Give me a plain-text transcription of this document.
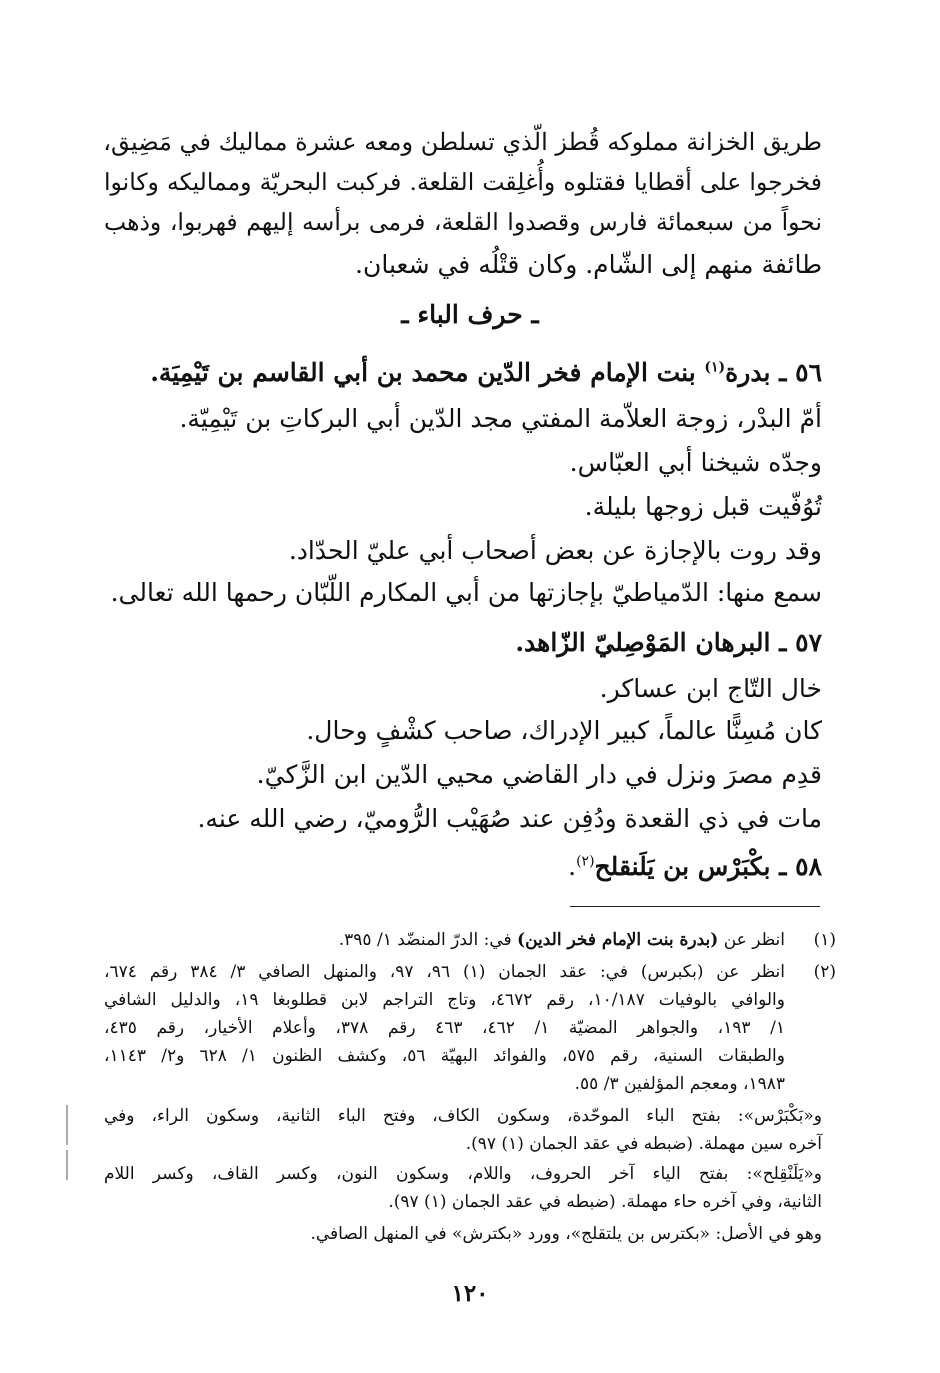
طريق الخزانة مملوكه قُطز الّذي تسلطن ومعه عشرة مماليك في مَضِيق،
فخرجوا على أقطايا فقتلوه وأُغلِقت القلعة. فركبت البحريّة ومماليكه وكانوا
نحواً من سبعمائة فارس وقصدوا القلعة، فرمى برأسه إليهم فهربوا، وذهب
طائفة منهم إلى الشّام. وكان قتْلُه في شعبان.
ـ حرف الباء ـ
٥٦ ـ بدرة$^{(١)}$ بنت الإمام فخر الدّين محمد بن أبي القاسم بن تَيْمِيَة.
أمّ البدْر، زوجة العلاّمة المفتي مجد الدّين أبي البركاتِ بن تَيْمِيّة.
وجدّه شيخنا أبي العبّاس.
تُوُفّيت قبل زوجها بليلة.
وقد روت بالإجازة عن بعض أصحاب أبي عليّ الحدّاد.
سمع منها: الدّمياطيّ بإجازتها من أبي المكارم اللّبّان رحمها الله تعالى.
٥٧ ـ البرهان المَوْصِليّ الزّاهد.
خال التّاج ابن عساكر.
كان مُسِنًّا عالماً، كبير الإدراك، صاحب كشْفٍ وحال.
قدِم مصرَ ونزل في دار القاضي محيي الدّين ابن الزَّكيّ.
مات في ذي القعدة ودُفِن عند صُهَيْب الرُّوميّ، رضي الله عنه.
٥٨ ـ بكْبَرْس بن يَلَنقلح$^{(٢)}$.
(١)
انظر عن (بدرة بنت الإمام فخر الدين) في: الدرّ المنضّد ١/ ٣٩٥.
(٢)
انظر عن (بكبرس) في: عقد الجمان (١) ٩٦، ٩٧، والمنهل الصافي ٣/ ٣٨٤ رقم ٦٧٤،
والوافي بالوفيات ١٠/١٨٧، رقم ٤٦٧٢، وتاج التراجم لابن قطلوبغا ١٩، والدليل الشافي
١/ ١٩٣، والجواهر المضيّة ١/ ٤٦٢، ٤٦٣ رقم ٣٧٨، وأعلام الأخيار، رقم ٤٣٥،
والطبقات السنية، رقم ٥٧٥، والفوائد البهيّة ٥٦، وكشف الظنون ١/ ٦٢٨ و٢/ ١١٤٣،
١٩٨٣، ومعجم المؤلفين ٣/ ٥٥.
و«بَكْبَرْس»: بفتح الباء الموحّدة، وسكون الكاف، وفتح الباء الثانية، وسكون الراء، وفي
آخره سين مهملة. (ضبطه في عقد الجمان (١) ٩٧).
و«يَلَنْقِلح»: بفتح الياء آخر الحروف، واللام، وسكون النون، وكسر القاف، وكسر اللام
الثانية، وفي آخره حاء مهملة. (ضبطه في عقد الجمان (١) ٩٧).
وهو في الأصل: «بكترس بن يلتقلج»، وورد «بكترش» في المنهل الصافي.
١٢٠
